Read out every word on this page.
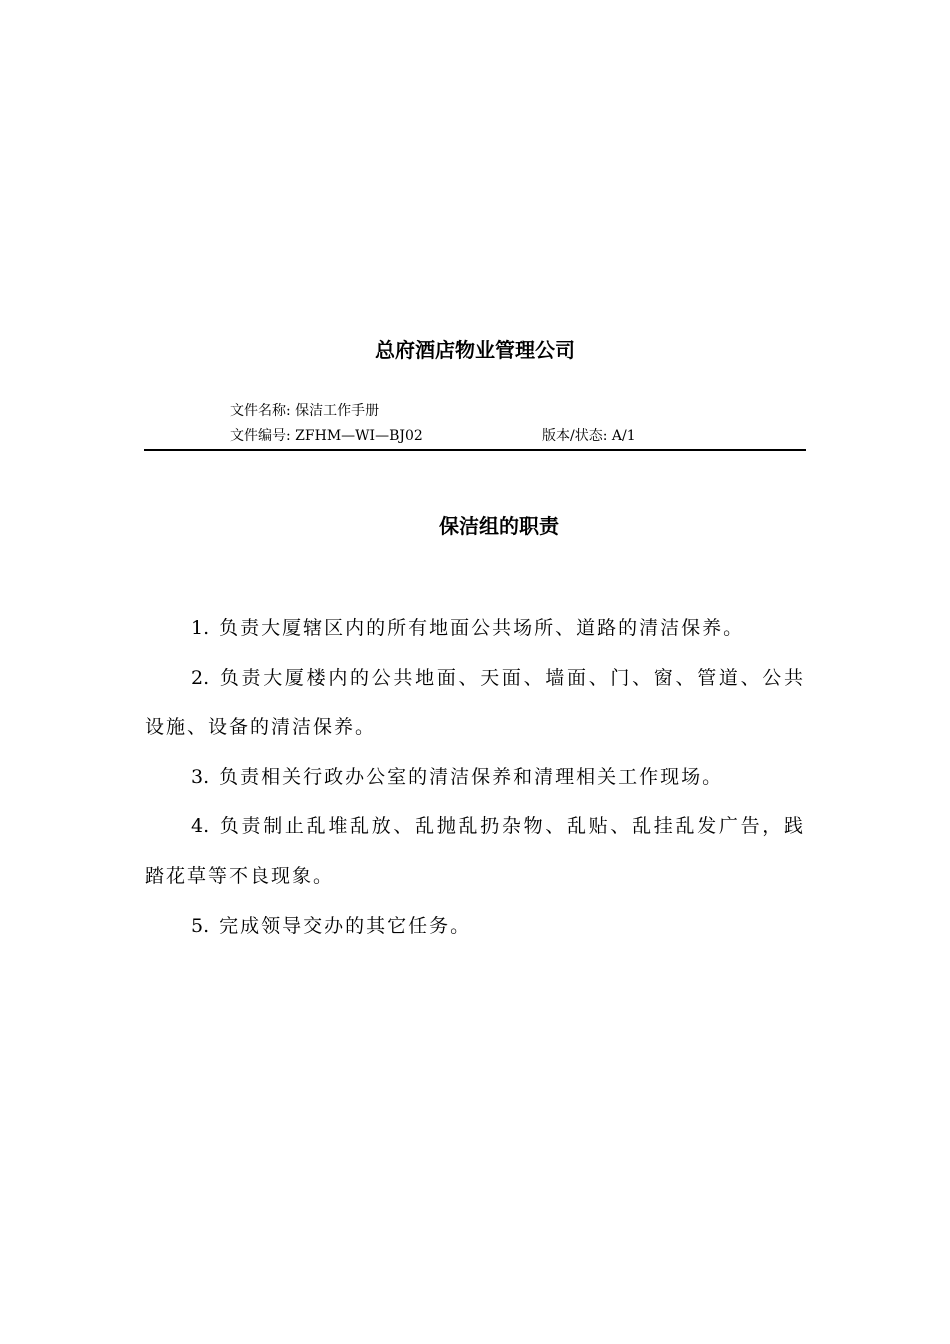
总府酒店物业管理公司
文件名称: 保洁工作手册
文件编号: ZFHM—WI—BJ02	版本/状态: A/1
保洁组的职责
1. 负责大厦辖区内的所有地面公共场所、道路的清洁保养。
2. 负责大厦楼内的公共地面、天面、墙面、门、窗、管道、公共设施、设备的清洁保养。
3. 负责相关行政办公室的清洁保养和清理相关工作现场。
4. 负责制止乱堆乱放、乱抛乱扔杂物、乱贴、乱挂乱发广告，践踏花草等不良现象。
5. 完成领导交办的其它任务。
